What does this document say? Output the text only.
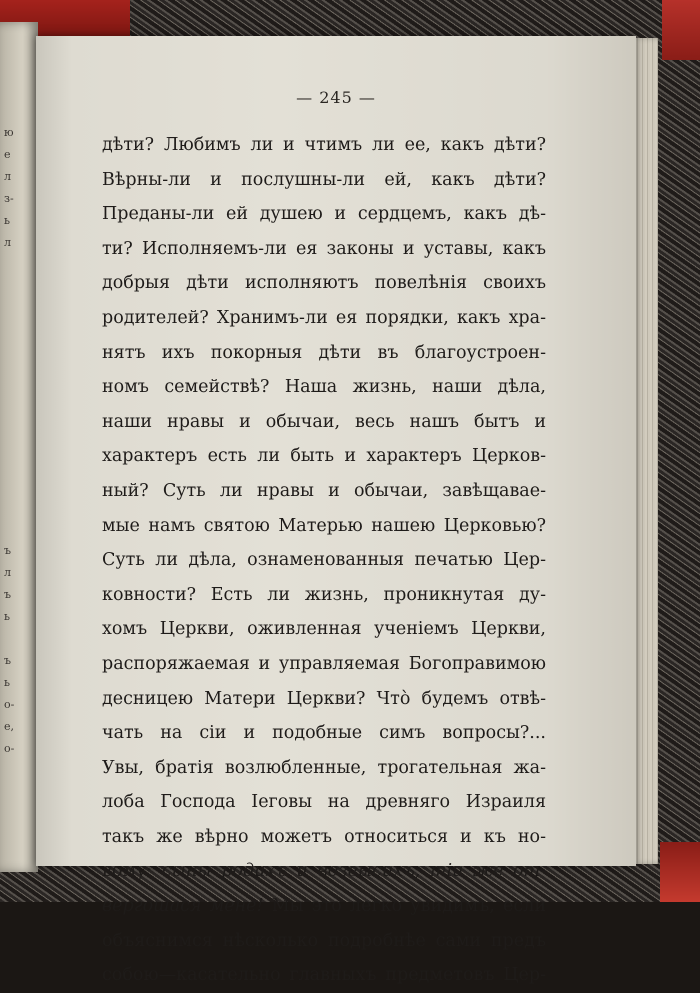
ю
е
л
з-
ь
л

ъ
л
ъ
ь

ъ
ь
о-
е,
о-
— 245 —
дѣти? Любимъ ли и чтимъ ли ее, какъ дѣти?
Вѣрны-ли и послушны-ли ей, какъ дѣти?
Преданы-ли ей душею и сердцемъ, какъ дѣ-
ти? Исполняемъ-ли ея законы и уставы, какъ
добрыя дѣти исполняютъ повелѣнія своихъ
родителей? Хранимъ-ли ея порядки, какъ хра-
нятъ ихъ покорныя дѣти въ благоустроен-
номъ семействѣ? Наша жизнь, наши дѣла,
наши нравы и обычаи, весь нашъ бытъ и
характеръ есть ли быть и характеръ Церков-
ный? Суть ли нравы и обычаи, завѣщавае-
мые намъ святою Матерью нашею Церковью?
Суть ли дѣла, ознаменованныя печатью Цер-
ковности? Есть ли жизнь, проникнутая ду-
хомъ Церкви, оживленная ученіемъ Церкви,
распоряжаемая и управляемая Богоправимою
десницею Матери Церкви? Что̀ будемъ отвѣ-
чать на сіи и подобные симъ вопросы?...
Увы, братія возлюбленные, трогательная жа-
лоба Господа Іеговы на древняго Израиля
такъ же вѣрно можетъ относиться и къ но-
вому: сыны родихъ и возвысихъ, тіи же от-
вергошася мене! Мы это легко увидимъ, если
объяснимся нѣсколько подробнѣе сами предъ
собою—касательно главныхъ предметовъ Цер-
